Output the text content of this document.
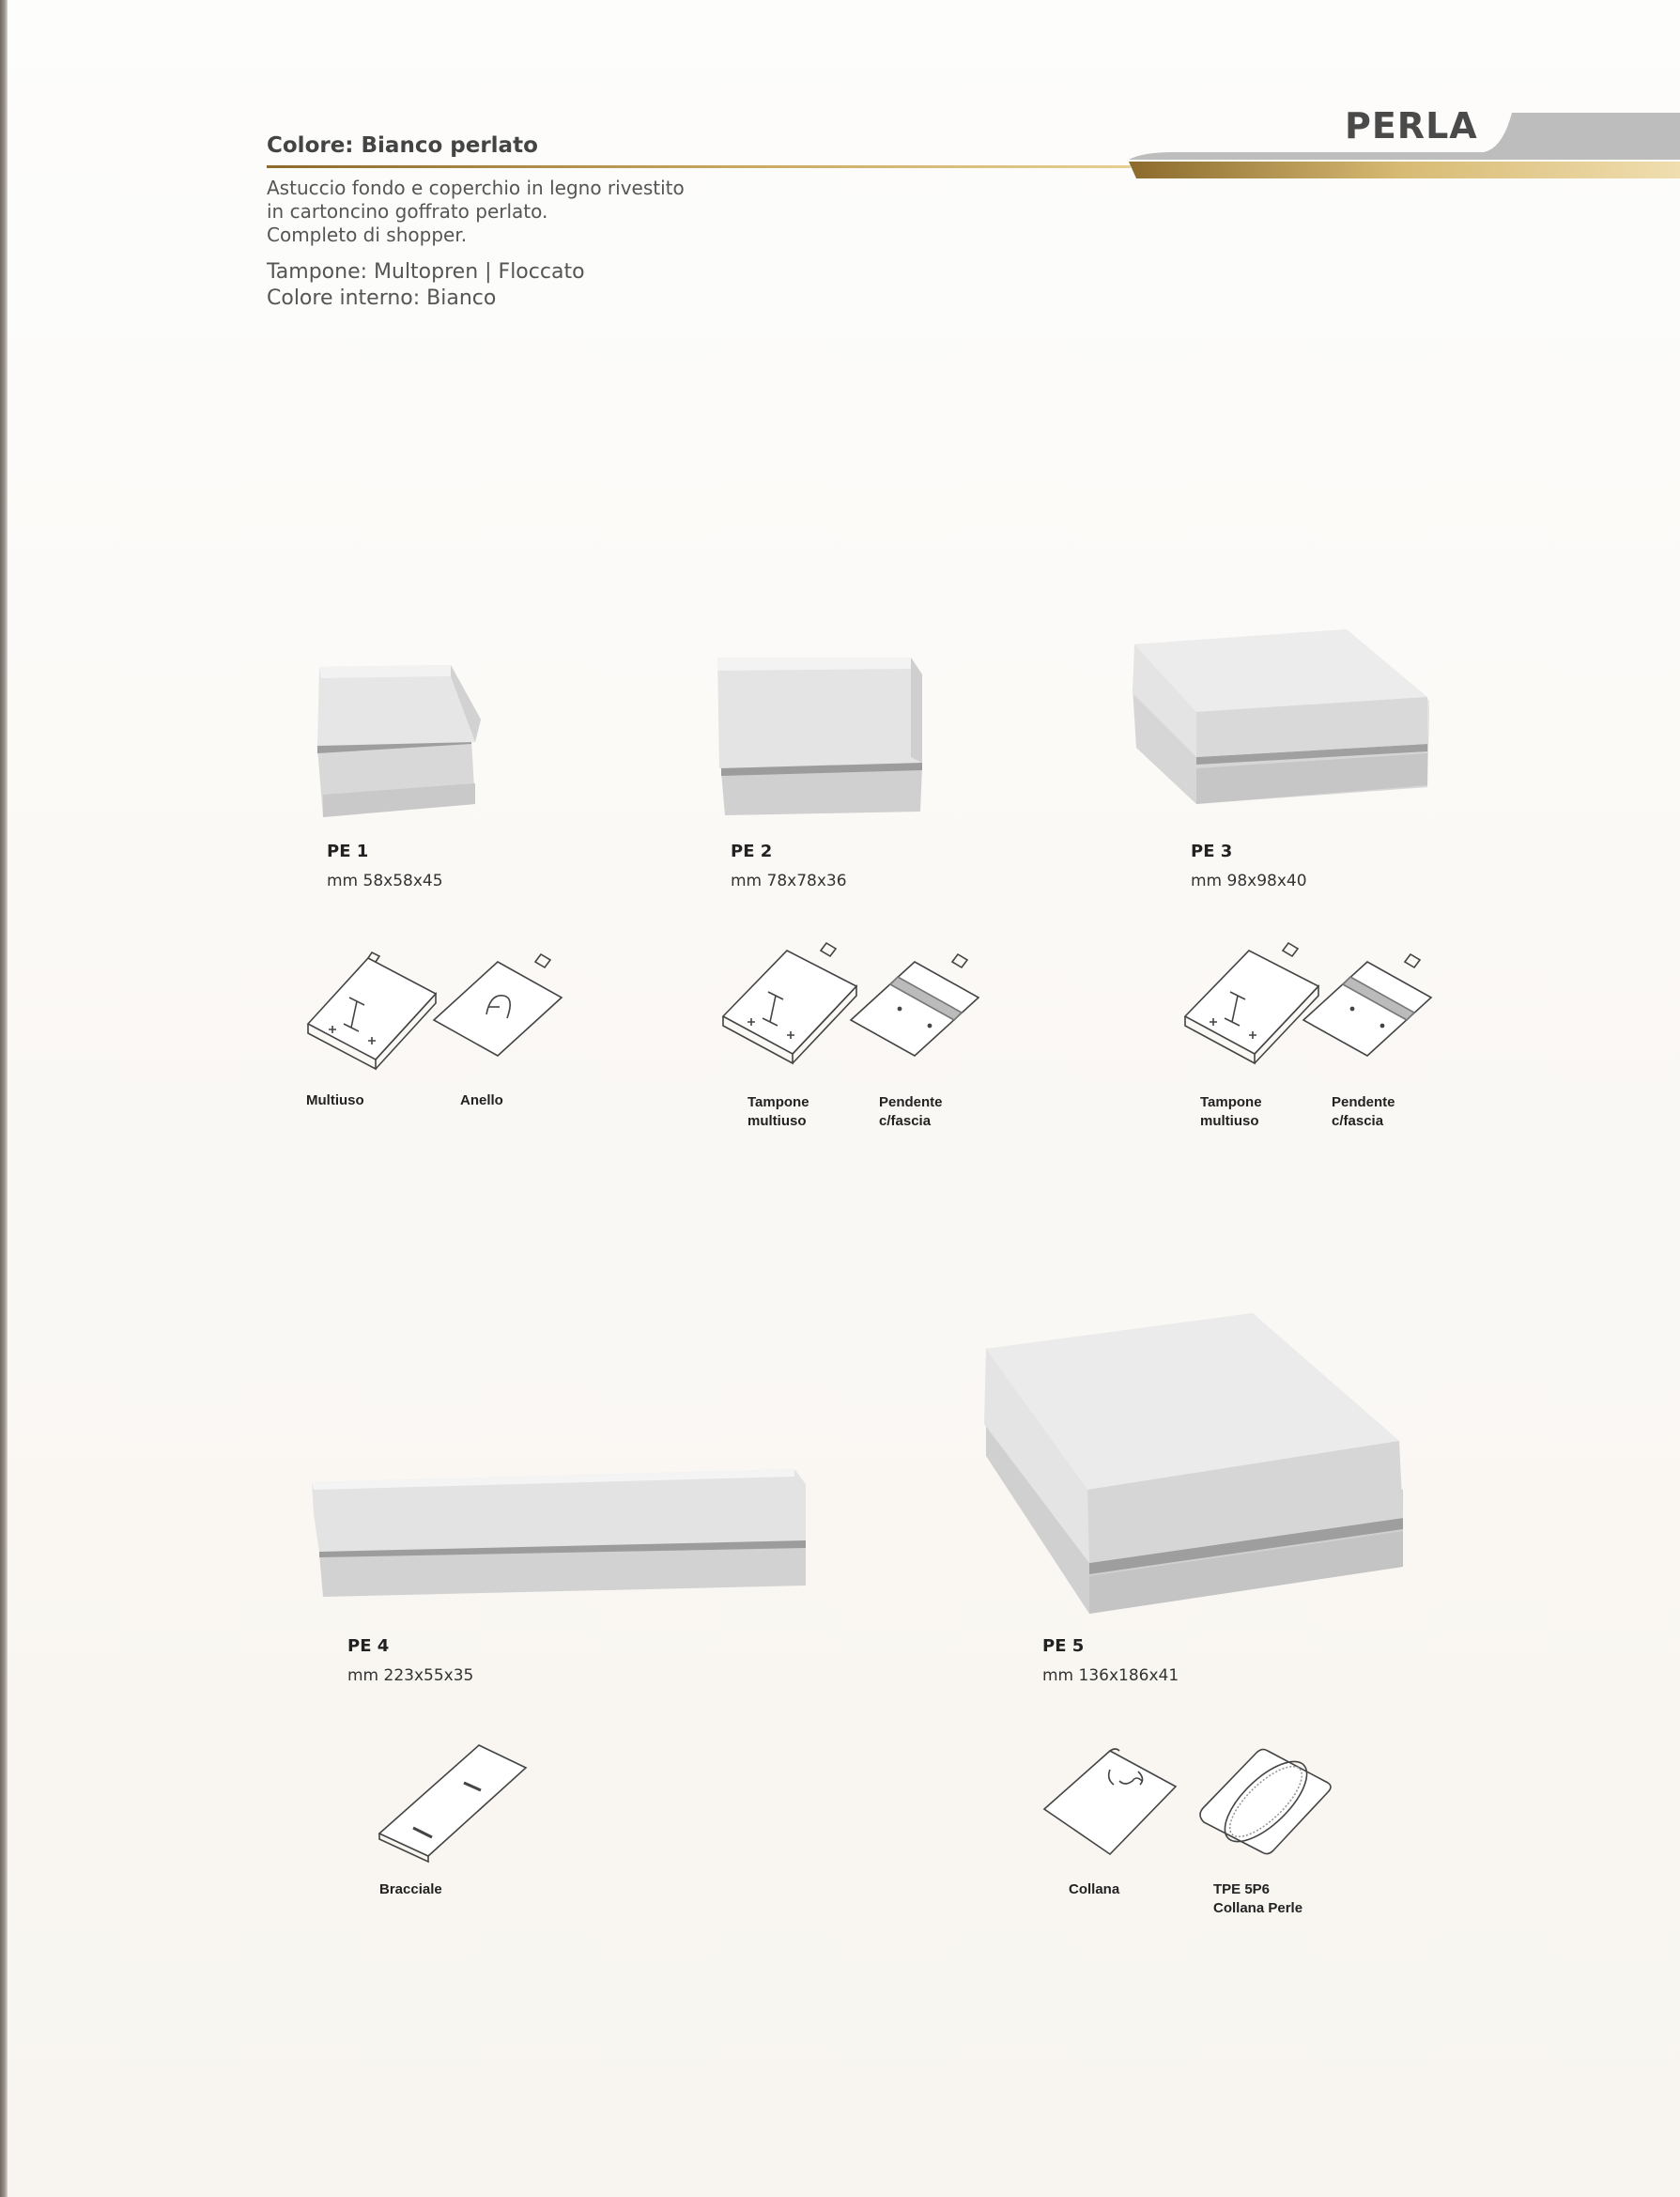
PERLA
Colore: Bianco perlato
Astuccio fondo e coperchio in legno rivestito
in cartoncino goffrato perlato.
Completo di shopper.
Tampone: Multopren | Floccato
Colore interno: Bianco
PE 1
mm 58x58x45
Multiuso	Anello
PE 2
mm 78x78x36
Tampone
multiuso
Pendente
c/fascia
PE 3
mm 98x98x40
Tampone
multiuso
Pendente
c/fascia
PE 4
mm 223x55x35
Bracciale
PE 5
mm 136x186x41
Collana	TPE 5P6
Collana Perle
